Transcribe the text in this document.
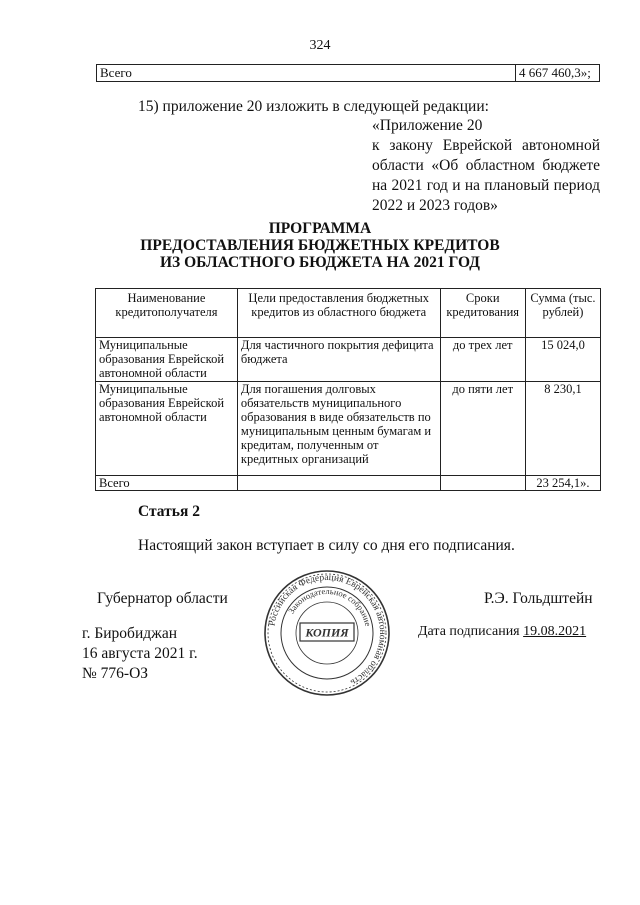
324
Всего	4 667 460,3»;
15) приложение 20 изложить в следующей редакции:
«Приложение 20
к закону Еврейской автономной
области «Об областном бюджете
на 2021 год и на плановый период
2022 и 2023 годов»
ПРОГРАММА
ПРЕДОСТАВЛЕНИЯ БЮДЖЕТНЫХ КРЕДИТОВ
ИЗ ОБЛАСТНОГО БЮДЖЕТА НА 2021 ГОД
Наименование кредитополучателя	Цели предоставления бюджетных кредитов из областного бюджета	Сроки кредитования	Сумма (тыс. рублей)
Муниципальные образования Еврейской автономной области	Для частичного покрытия дефицита бюджета	до трех лет	15 024,0
Муниципальные образования Еврейской автономной области	Для погашения долговых обязательств муниципального образования в виде обязательств по муниципальным ценным бумагам и кредитам, полученным от кредитных организаций	до пяти лет	8 230,1
Всего			23 254,1».
Статья 2
Настоящий закон вступает в силу со дня его подписания.
Губернатор области	Р.Э. Гольдштейн
г. Биробиджан
16 августа 2021 г.
№ 776-ОЗ
Дата подписания 19.08.2021
Российская Федерация Еврейская автономная область
Законодательное собрание
КОПИЯ
